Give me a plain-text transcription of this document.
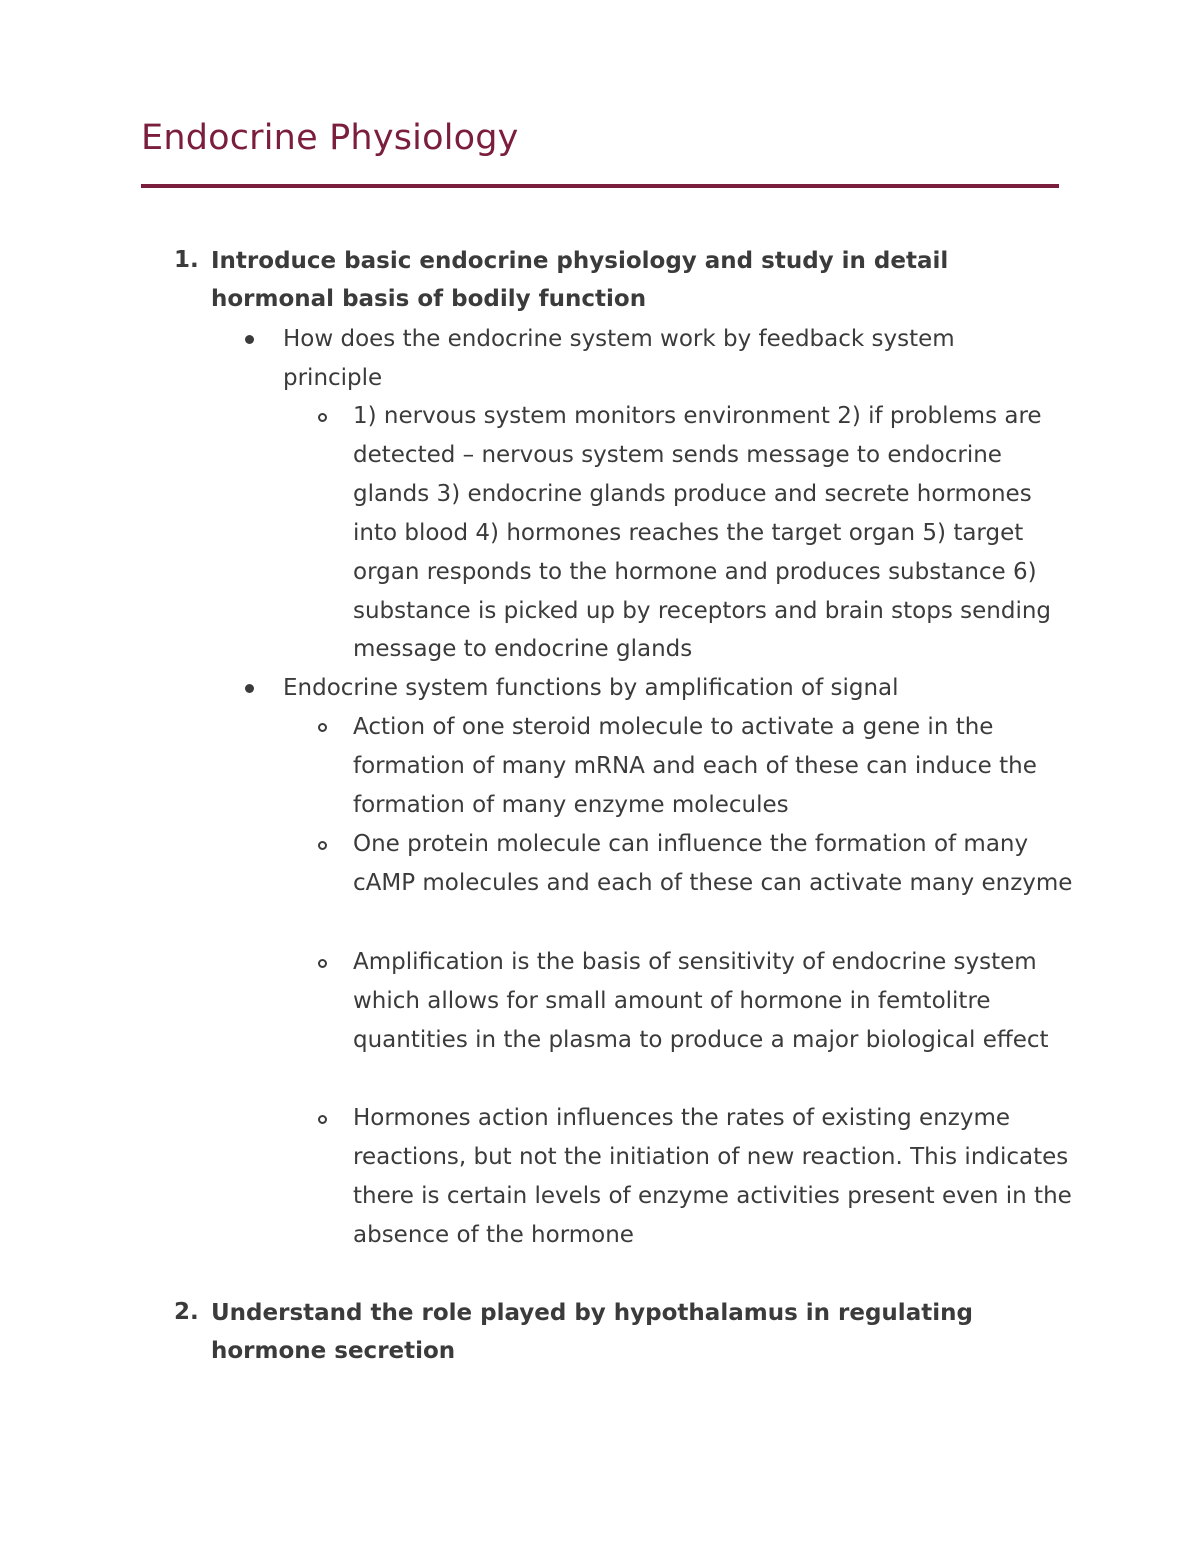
Endocrine Physiology
1. Introduce basic endocrine physiology and study in detail hormonal basis of bodily function

How does the endocrine system work by feedback system principle

1) nervous system monitors environment 2) if problems are detected – nervous system sends message to endocrine glands 3) endocrine glands produce and secrete hormones into blood 4) hormones reaches the target organ 5) target organ responds to the hormone and produces substance 6) substance is picked up by receptors and brain stops sending message to endocrine glands

Endocrine system functions by amplification of signal

Action of one steroid molecule to activate a gene in the formation of many mRNA and each of these can induce the formation of many enzyme molecules

One protein molecule can influence the formation of many cAMP molecules and each of these can activate many enzyme

Amplification is the basis of sensitivity of endocrine system which allows for small amount of hormone in femtolitre quantities in the plasma to produce a major biological effect

Hormones action influences the rates of existing enzyme reactions, but not the initiation of new reaction. This indicates there is certain levels of enzyme activities present even in the absence of the hormone

2. Understand the role played by hypothalamus in regulating hormone secretion
